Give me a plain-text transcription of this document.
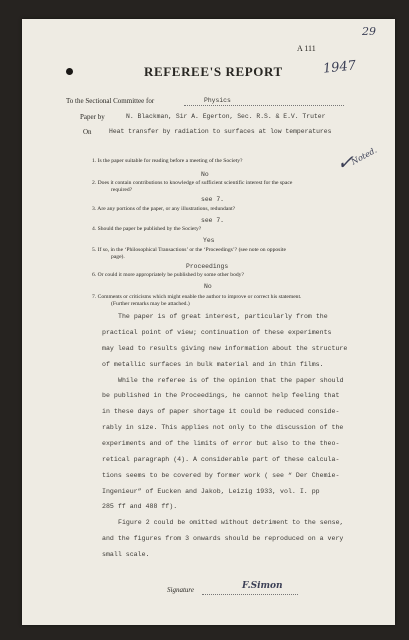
A 111
29
REFEREE'S REPORT	1947
To the Sectional Committee for	Physics
Paper by	N. Blackman, Sir A. Egerton, Sec. R.S. & E.V. Truter
On	Heat transfer by radiation to surfaces at low temperatures
✓
Noted.
1. Is the paper suitable for reading before a meeting of the Society?
No
2. Does it contain contributions to knowledge of sufficient scientific interest for the space
required?
see 7.
3. Are any portions of the paper, or any illustrations, redundant?
see 7.
4. Should the paper be published by the Society?
Yes
5. If so, in the ‘Philosophical Transactions’ or the ‘Proceedings’? (see note on opposite
page).
Proceedings
6. Or could it more appropriately be published by some other body?
No
7. Comments or criticisms which might enable the author to improve or correct his statement.
(Further remarks may be attached.)
The paper is of great interest, particularly from the
practical point of view; continuation of these experiments
may lead to results giving new information about the structure
of metallic surfaces in bulk material and in thin films.
While the referee is of the opinion that the paper should
be published in the Proceedings, he cannot help feeling that
in these days of paper shortage it could be reduced conside-
rably in size. This applies not only to the discussion of the
experiments and of the limits of error but also to the theo-
retical paragraph (4). A considerable part of these calcula-
tions seems to be covered by former work ( see “ Der Chemie-
Ingenieur” of Eucken and Jakob, Leizig 1933, vol. I. pp
285 ff and 488 ff).
Figure 2 could be omitted without detriment to the sense,
and the figures from 3 onwards should be reproduced on a very
small scale.
Signature	F.Simon
